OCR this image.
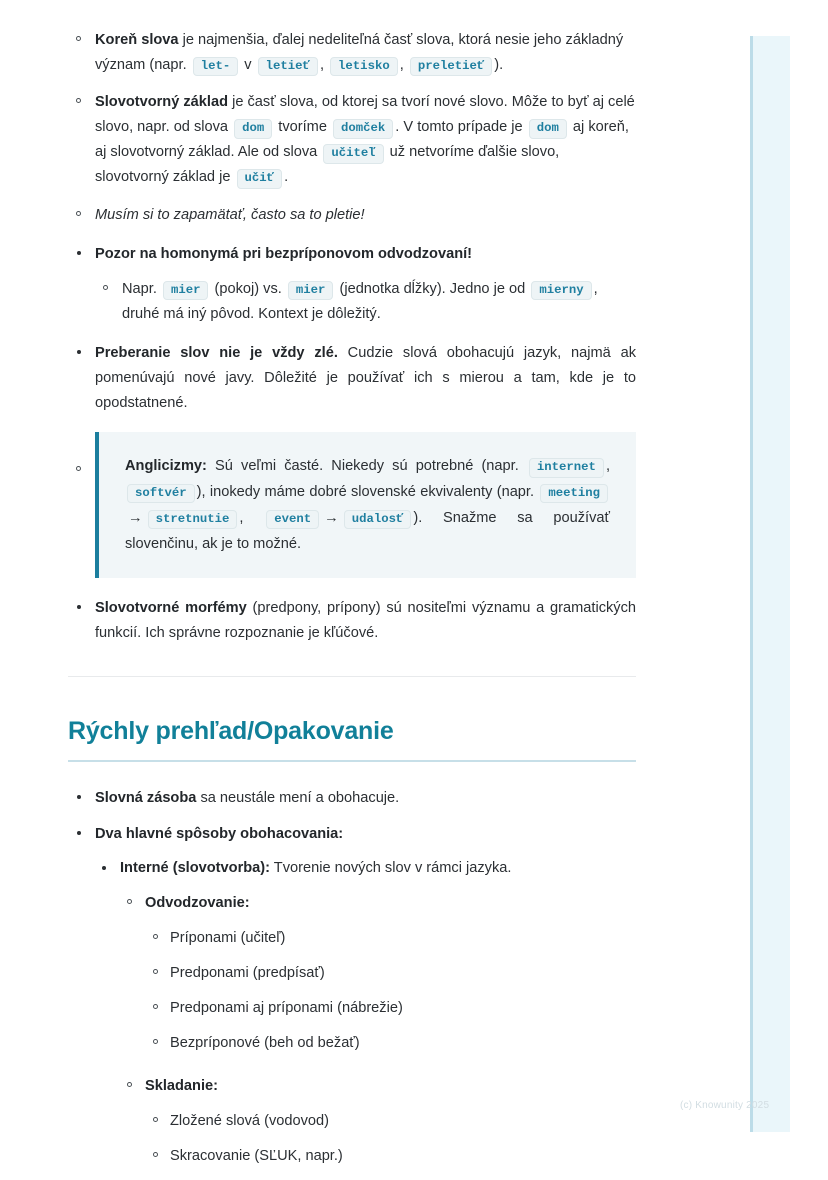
(c) Knowunity 2025
Koreň slova je najmenšia, ďalej nedeliteľná časť slova, ktorá nesie jeho základný význam (napr. let- v letieť , letisko , preletieť ).
Slovotvorný základ je časť slova, od ktorej sa tvorí nové slovo. Môže to byť aj celé slovo, napr. od slova dom tvoríme domček . V tomto prípade je dom aj koreň, aj slovotvorný základ. Ale od slova učiteľ už netvoríme ďalšie slovo, slovotvorný základ je učiť .
Musím si to zapamätať, často sa to pletie!
Pozor na homonymá pri bezpríponovom odvodzovaní!
Napr. mier (pokoj) vs. mier (jednotka dĺžky). Jedno je od mierny , druhé má iný pôvod. Kontext je dôležitý.
Preberanie slov nie je vždy zlé. Cudzie slová obohacujú jazyk, najmä ak pomenúvajú nové javy. Dôležité je používať ich s mierou a tam, kde je to opodstatnené.
Anglicizmy: Sú veľmi časté. Niekedy sú potrebné (napr. internet , softvér ), inokedy máme dobré slovenské ekvivalenty (napr. meeting→ stretnutie , event → udalosť ). Snažme sa používať slovenčinu, ak je to možné.
Slovotvorné morfémy (predpony, prípony) sú nositeľmi významu a gramatických funkcií. Ich správne rozpoznanie je kľúčové.
Rýchly prehľad/Opakovanie
Slovná zásoba sa neustále mení a obohacuje.
Dva hlavné spôsoby obohacovania:
Interné (slovotvorba): Tvorenie nových slov v rámci jazyka.
Odvodzovanie:
Príponami (učiteľ)
Predponami (predpísať)
Predponami aj príponami (nábrežie)
Bezpríponové (beh od bežať)
Skladanie:
Zložené slová (vodovod)
Skracovanie (SĽUK, napr.)
